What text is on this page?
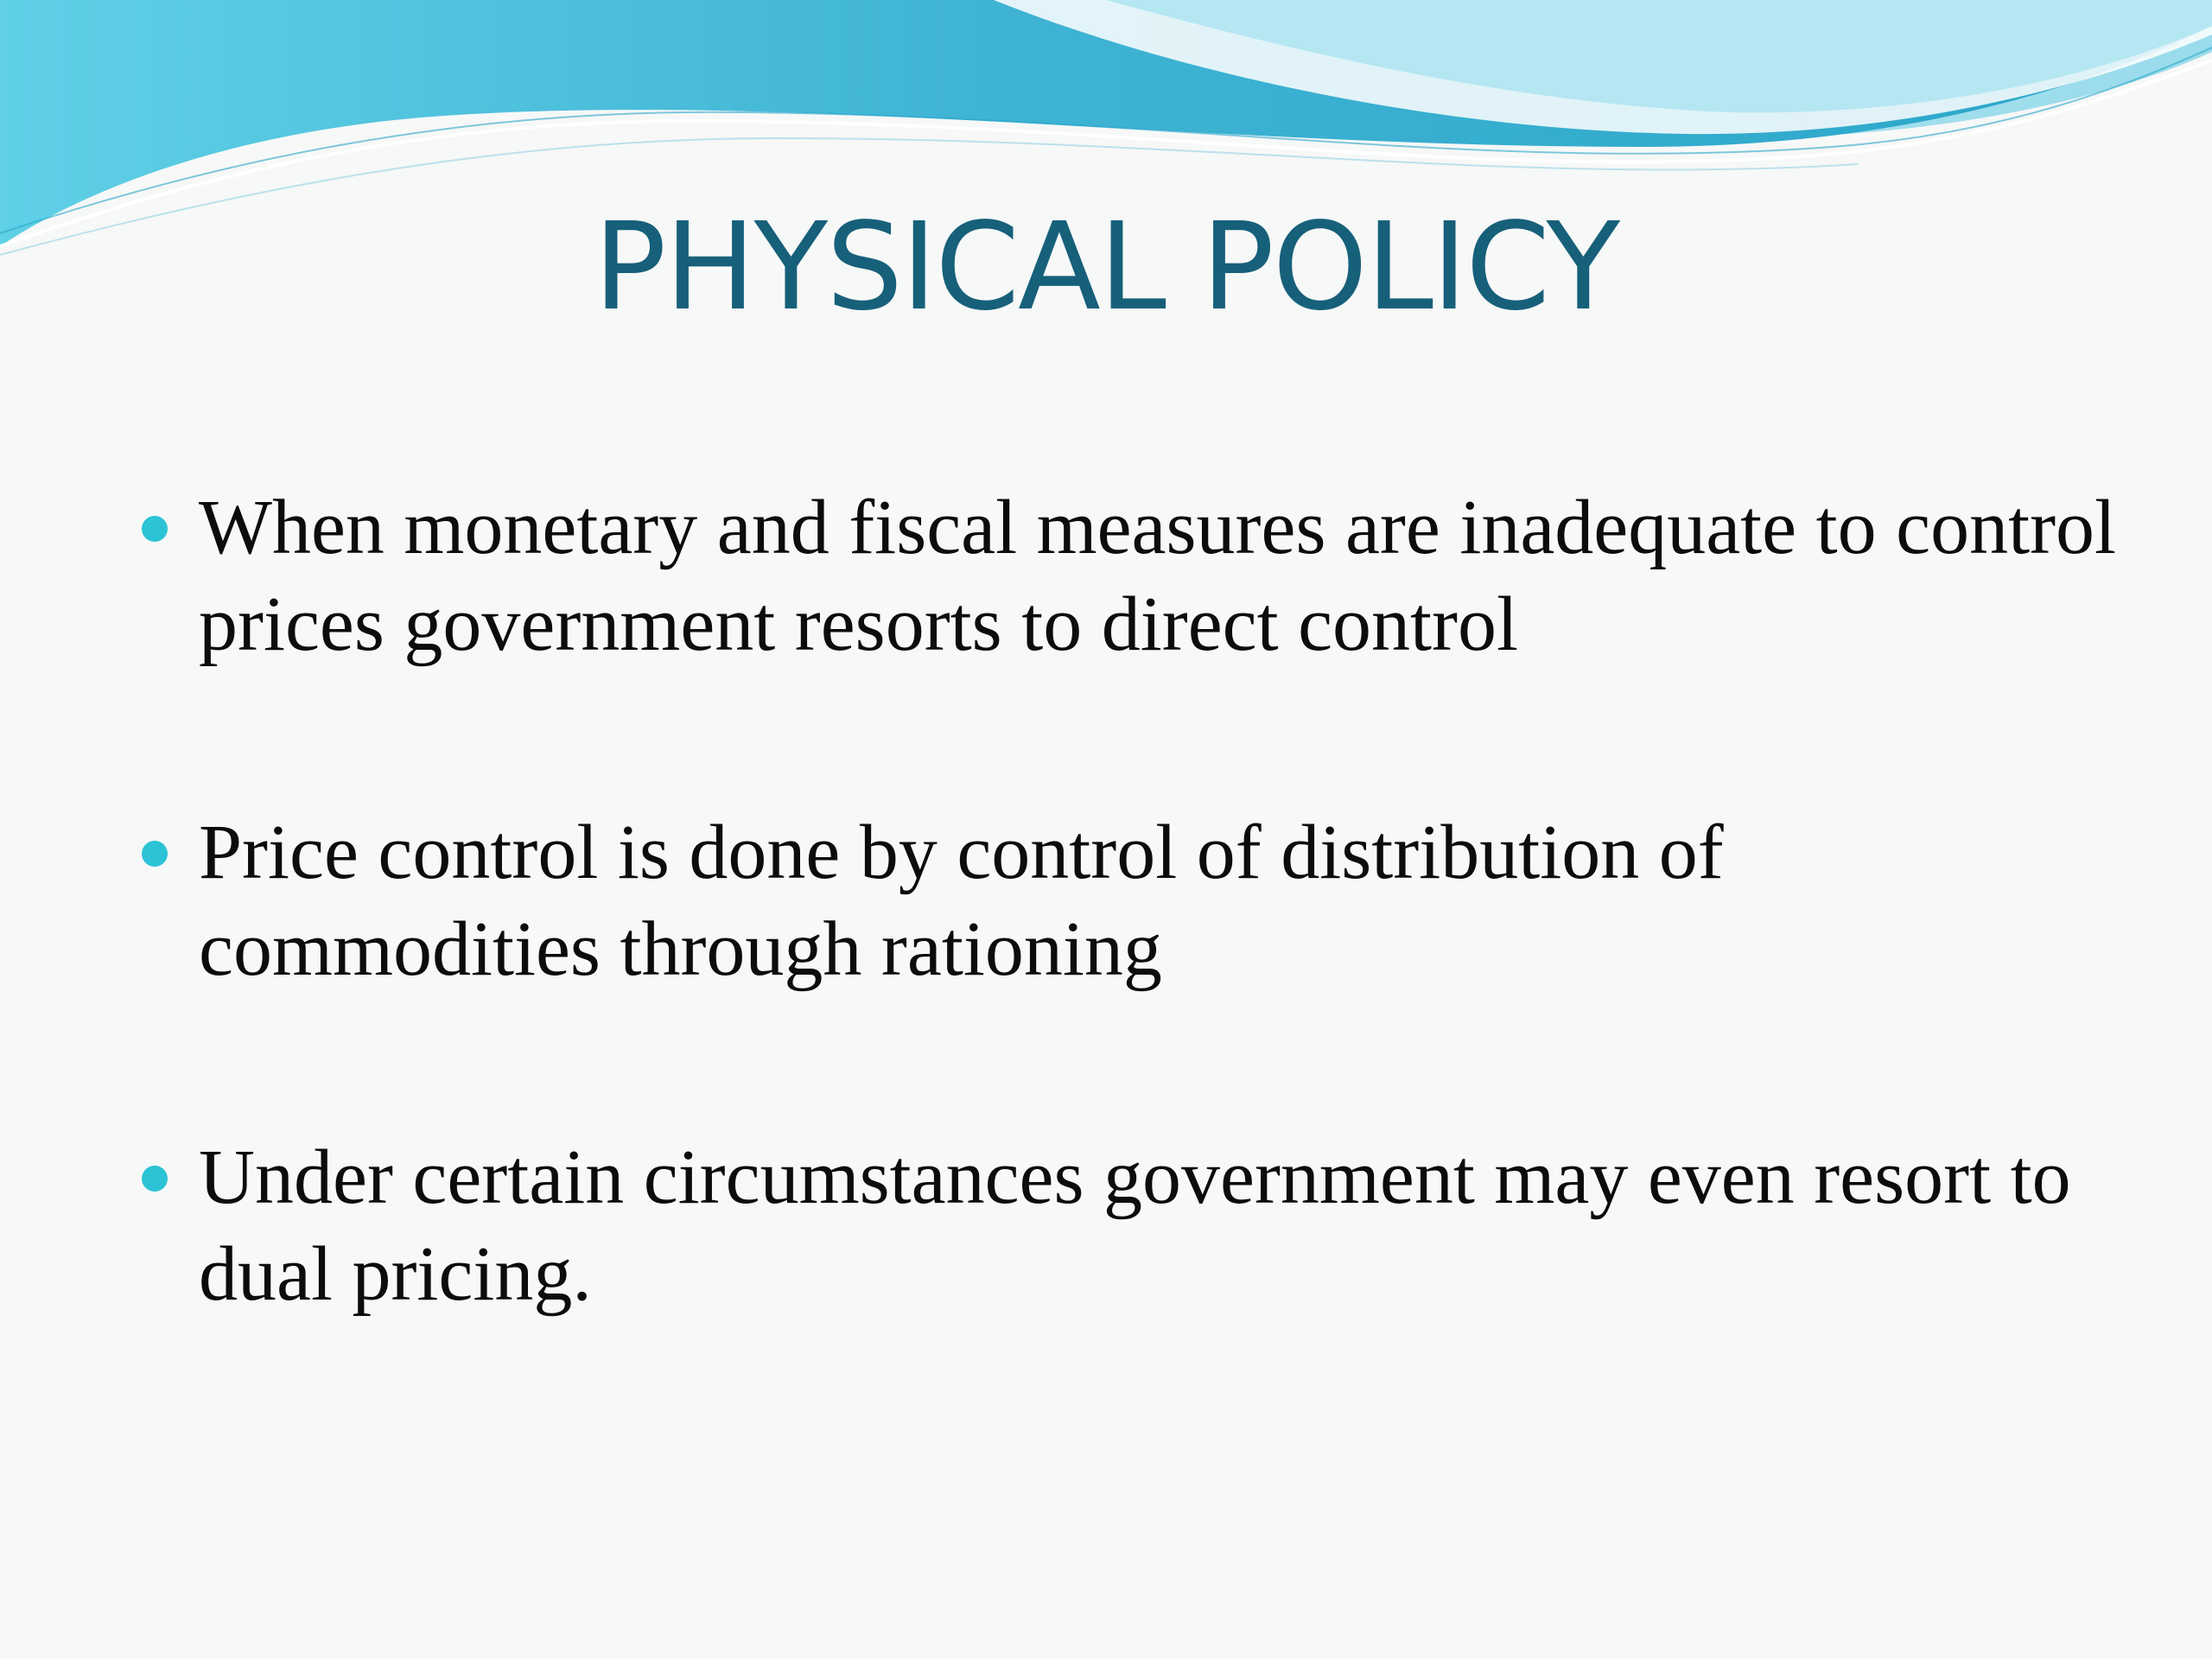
PHYSICAL POLICY
When monetary and fiscal measures are inadequate to control prices government resorts to direct control
Price control is done by control of distribution of commodities through rationing
Under certain circumstances government may even resort to dual pricing.
